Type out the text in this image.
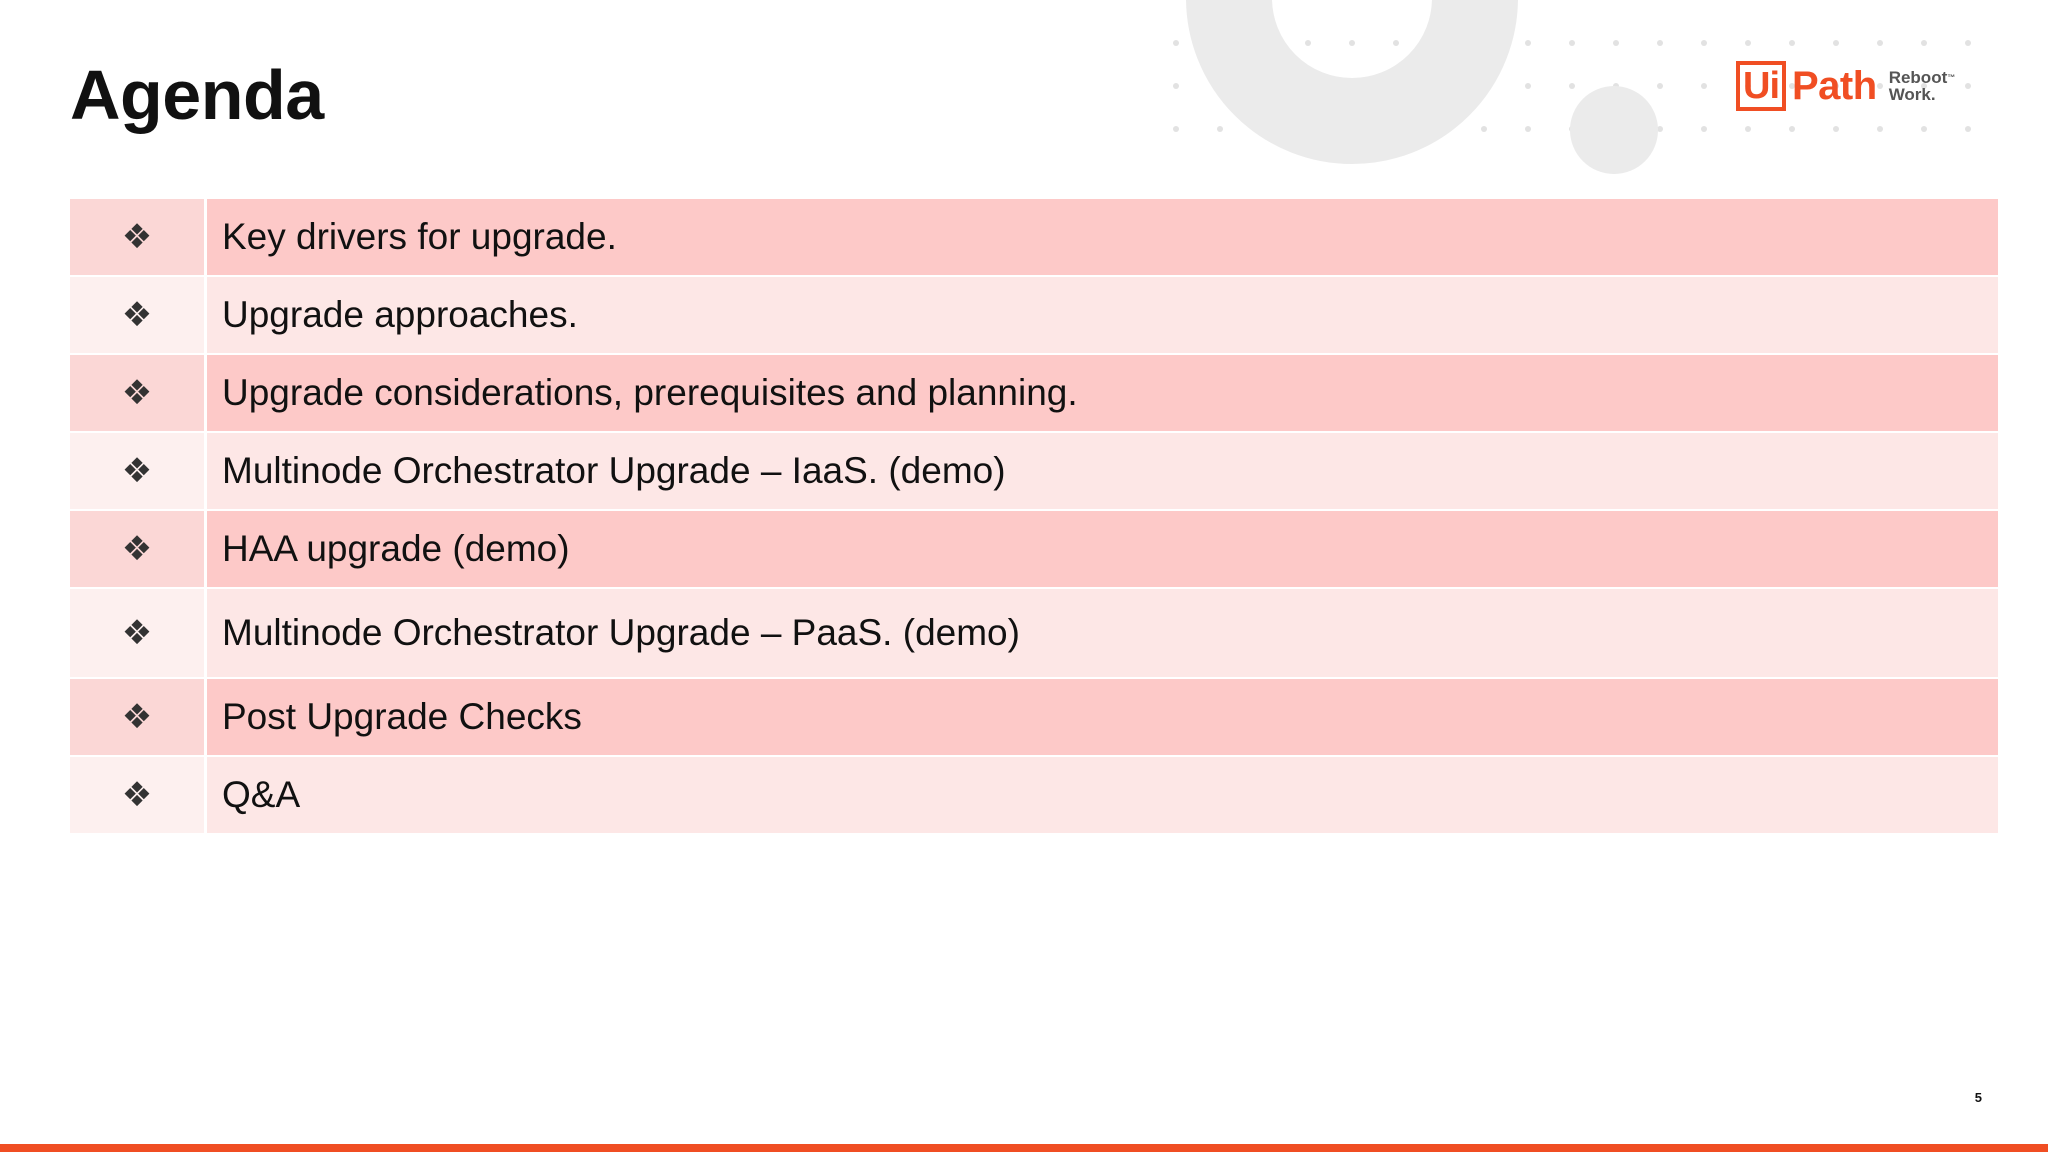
Agenda	Ui Path Reboot™
Work.
❖	Key drivers for upgrade.
❖	Upgrade approaches.
❖	Upgrade considerations, prerequisites and planning.
❖	Multinode Orchestrator Upgrade – IaaS. (demo)
❖	HAA upgrade (demo)
❖	Multinode Orchestrator Upgrade – PaaS. (demo)
❖	Post Upgrade Checks
❖	Q&A
5
